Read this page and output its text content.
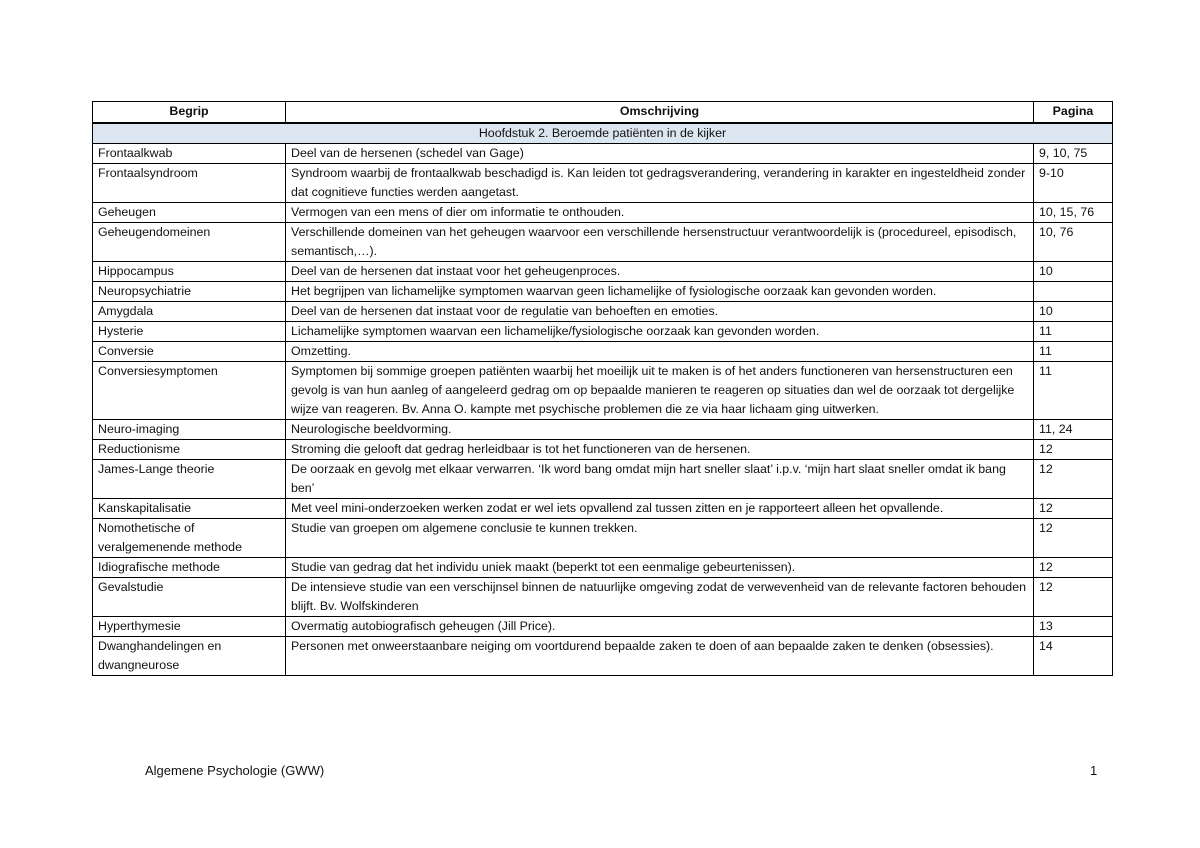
Begrip	Omschrijving	Pagina
Hoofdstuk 2. Beroemde patiënten in de kijker		
Frontaalkwab	Deel van de hersenen (schedel van Gage)	9, 10, 75
Frontaalsyndroom	Syndroom waarbij de frontaalkwab beschadigd is. Kan leiden tot gedragsverandering, verandering in karakter en ingesteldheid zonder dat cognitieve functies werden aangetast.	9-10
Geheugen	Vermogen van een mens of dier om informatie te onthouden.	10, 15, 76
Geheugendomeinen	Verschillende domeinen van het geheugen waarvoor een verschillende hersenstructuur verantwoordelijk is (procedureel, episodisch, semantisch,…).	10, 76
Hippocampus	Deel van de hersenen dat instaat voor het geheugenproces.	10
Neuropsychiatrie	Het begrijpen van lichamelijke symptomen waarvan geen lichamelijke of fysiologische oorzaak kan gevonden worden.	
Amygdala	Deel van de hersenen dat instaat voor de regulatie van behoeften en emoties.	10
Hysterie	Lichamelijke symptomen waarvan een lichamelijke/fysiologische oorzaak kan gevonden worden.	11
Conversie	Omzetting.	11
Conversiesymptomen	Symptomen bij sommige groepen patiënten waarbij het moeilijk uit te maken is of het anders functioneren van hersenstructuren een gevolg is van hun aanleg of aangeleerd gedrag om op bepaalde manieren te reageren op situaties dan wel de oorzaak tot dergelijke wijze van reageren. Bv. Anna O. kampte met psychische problemen die ze via haar lichaam ging uitwerken.	11
Neuro-imaging	Neurologische beeldvorming.	11, 24
Reductionisme	Stroming die gelooft dat gedrag herleidbaar is tot het functioneren van de hersenen.	12
James-Lange theorie	De oorzaak en gevolg met elkaar verwarren. ‘Ik word bang omdat mijn hart sneller slaat’ i.p.v. ‘mijn hart slaat sneller omdat ik bang ben’	12
Kanskapitalisatie	Met veel mini-onderzoeken werken zodat er wel iets opvallend zal tussen zitten en je rapporteert alleen het opvallende.	12
Nomothetische of veralgemenende methode	Studie van groepen om algemene conclusie te kunnen trekken.	12
Idiografische methode	Studie van gedrag dat het individu uniek maakt (beperkt tot een eenmalige gebeurtenissen).	12
Gevalstudie	De intensieve studie van een verschijnsel binnen de natuurlijke omgeving zodat de verwevenheid van de relevante factoren behouden blijft. Bv. Wolfskinderen	12
Hyperthymesie	Overmatig autobiografisch geheugen (Jill Price).	13
Dwanghandelingen en dwangneurose	Personen met onweerstaanbare neiging om voortdurend bepaalde zaken te doen of aan bepaalde zaken te denken (obsessies).	14
Algemene Psychologie (GWW)	1
